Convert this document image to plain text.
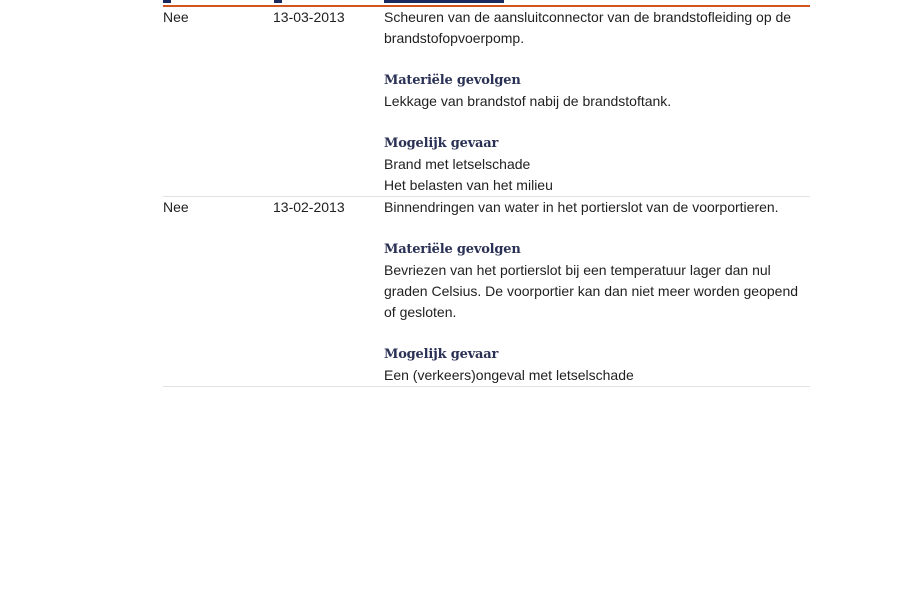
Nee	13-03-2013	Scheuren van de aansluitconnector van de brandstofleiding op de brandstofopvoerpomp.

Materiële gevolgen

Lekkage van brandstof nabij de brandstoftank.

Mogelijk gevaar

Brand met letselschade

Het belasten van het milieu

Nee	13-02-2013	Binnendringen van water in het portierslot van de voorportieren.

Materiële gevolgen

Bevriezen van het portierslot bij een temperatuur lager dan nul graden Celsius. De voorportier kan dan niet meer worden geopend of gesloten.

Mogelijk gevaar

Een (verkeers)ongeval met letselschade
